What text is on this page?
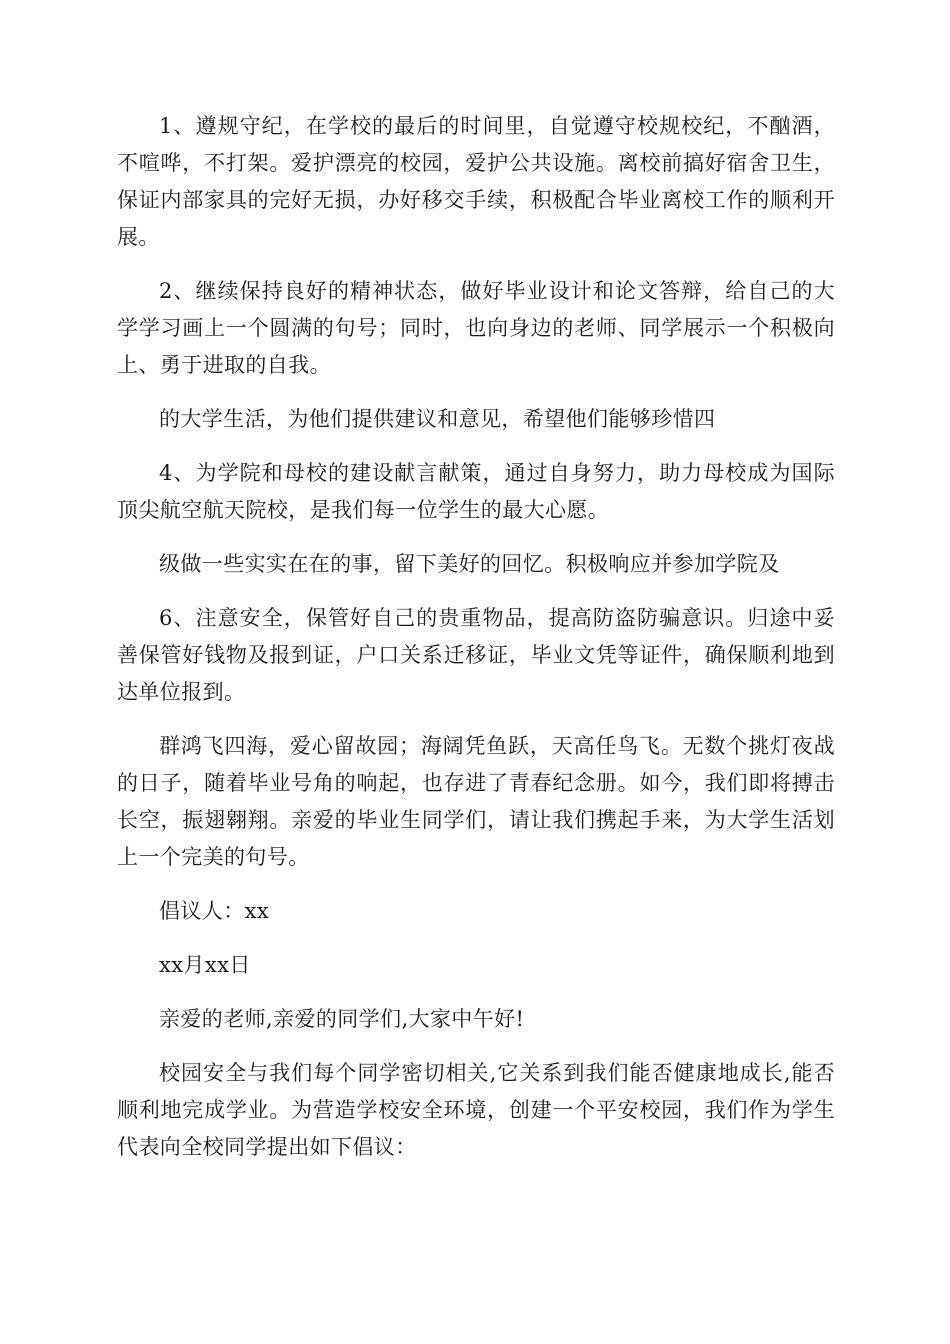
1、遵规守纪，在学校的最后的时间里，自觉遵守校规校纪，不酗酒，不喧哗，不打架。爱护漂亮的校园，爱护公共设施。离校前搞好宿舍卫生，保证内部家具的完好无损，办好移交手续，积极配合毕业离校工作的顺利开展。

2、继续保持良好的精神状态，做好毕业设计和论文答辩，给自己的大学学习画上一个圆满的句号；同时，也向身边的老师、同学展示一个积极向上、勇于进取的自我。

的大学生活，为他们提供建议和意见，希望他们能够珍惜四

4、为学院和母校的建设献言献策，通过自身努力，助力母校成为国际顶尖航空航天院校，是我们每一位学生的最大心愿。

级做一些实实在在的事，留下美好的回忆。积极响应并参加学院及

6、注意安全，保管好自己的贵重物品，提高防盗防骗意识。归途中妥善保管好钱物及报到证，户口关系迁移证，毕业文凭等证件，确保顺利地到达单位报到。

群鸿飞四海，爱心留故园；海阔凭鱼跃，天高任鸟飞。无数个挑灯夜战的日子，随着毕业号角的响起，也存进了青春纪念册。如今，我们即将搏击长空，振翅翱翔。亲爱的毕业生同学们，请让我们携起手来，为大学生活划上一个完美的句号。

倡议人：xx

xx月xx日

亲爱的老师,亲爱的同学们,大家中午好!

校园安全与我们每个同学密切相关,它关系到我们能否健康地成长,能否顺利地完成学业。为营造学校安全环境，创建一个平安校园，我们作为学生代表向全校同学提出如下倡议：
